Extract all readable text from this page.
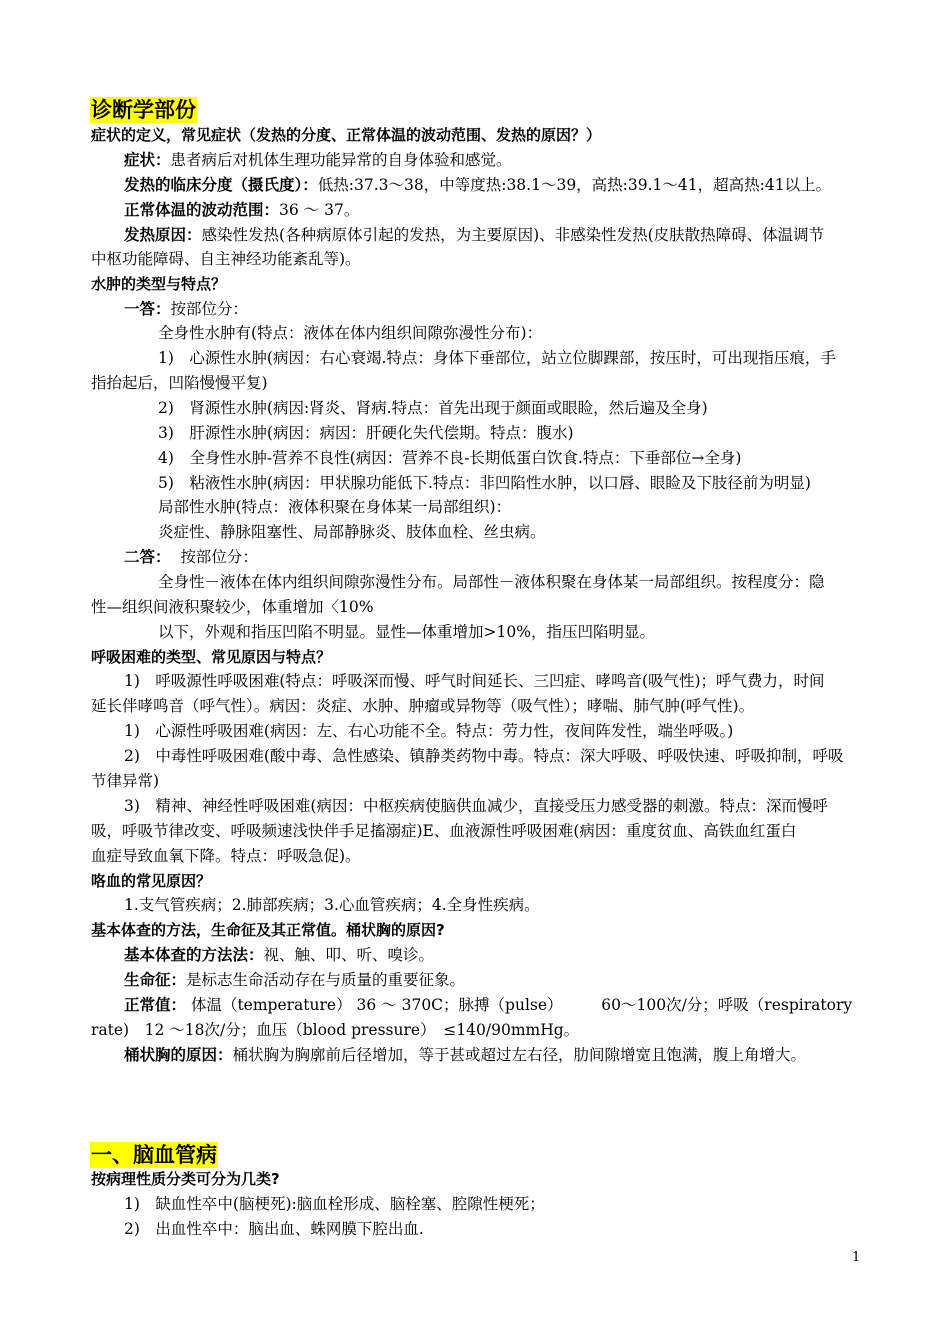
诊断学部份
症状的定义，常见症状（发热的分度、正常体温的波动范围、发热的原因？）
症状：患者病后对机体生理功能异常的自身体验和感觉。
发热的临床分度（摄氏度）：低热:37.3～38，中等度热:38.1～39，高热:39.1～41，超高热:41以上。
正常体温的波动范围：36 ～ 37。
发热原因：感染性发热(各种病原体引起的发热，为主要原因)、非感染性发热(皮肤散热障碍、体温调节
中枢功能障碍、自主神经功能紊乱等)。
水肿的类型与特点？
一答：按部位分：
全身性水肿有(特点：液体在体内组织间隙弥漫性分布)：
1)　心源性水肿(病因：右心衰竭.特点：身体下垂部位，站立位脚踝部，按压时，可出现指压痕，手
指抬起后，凹陷慢慢平复)
2)　肾源性水肿(病因:肾炎、肾病.特点：首先出现于颜面或眼睑，然后遍及全身)
3)　肝源性水肿(病因：病因：肝硬化失代偿期。特点：腹水)
4)　全身性水肿-营养不良性(病因：营养不良-长期低蛋白饮食.特点：下垂部位→全身)
5)　粘液性水肿(病因：甲状腺功能低下.特点：非凹陷性水肿，以口唇、眼睑及下肢径前为明显)
局部性水肿(特点：液体积聚在身体某一局部组织)：
炎症性、静脉阻塞性、局部静脉炎、肢体血栓、丝虫病。
二答： 按部位分：
全身性－液体在体内组织间隙弥漫性分布。局部性－液体积聚在身体某一局部组织。按程度分：隐
性—组织间液积聚较少，体重增加〈10%
以下，外观和指压凹陷不明显。显性—体重增加>10%，指压凹陷明显。
呼吸困难的类型、常见原因与特点？
1)　呼吸源性呼吸困难(特点：呼吸深而慢、呼气时间延长、三凹症、哮鸣音(吸气性)；呼气费力，时间
延长伴哮鸣音（呼气性）。病因：炎症、水肿、肿瘤或异物等（吸气性）；哮喘、肺气肿(呼气性)。
1)　心源性呼吸困难(病因：左、右心功能不全。特点：劳力性，夜间阵发性，端坐呼吸。)
2)　中毒性呼吸困难(酸中毒、急性感染、镇静类药物中毒。特点：深大呼吸、呼吸快速、呼吸抑制，呼吸
节律异常)
3)　精神、神经性呼吸困难(病因：中枢疾病使脑供血减少，直接受压力感受器的刺激。特点：深而慢呼
吸，呼吸节律改变、呼吸频速浅快伴手足搐溺症)E、血液源性呼吸困难(病因：重度贫血、高铁血红蛋白
血症导致血氧下降。特点：呼吸急促)。
咯血的常见原因？
1.支气管疾病；2.肺部疾病；3.心血管疾病；4.全身性疾病。
基本体查的方法，生命征及其正常值。桶状胸的原因?
基本体查的方法法：视、触、叩、听、嗅诊。
生命征：是标志生命活动存在与质量的重要征象。
正常值： 体温（temperature） 36 ～ 370C；脉搏（pulse）　　　60～100次/分；呼吸（respiratory
rate)　12 ～18次/分；血压（blood pressure）　≤140/90mmHg。
桶状胸的原因：桶状胸为胸廓前后径增加，等于甚或超过左右径，肋间隙增宽且饱满，腹上角增大。
一、脑血管病
按病理性质分类可分为几类?
1)　缺血性卒中(脑梗死):脑血栓形成、脑栓塞、腔隙性梗死；
2)　出血性卒中：脑出血、蛛网膜下腔出血.
1
